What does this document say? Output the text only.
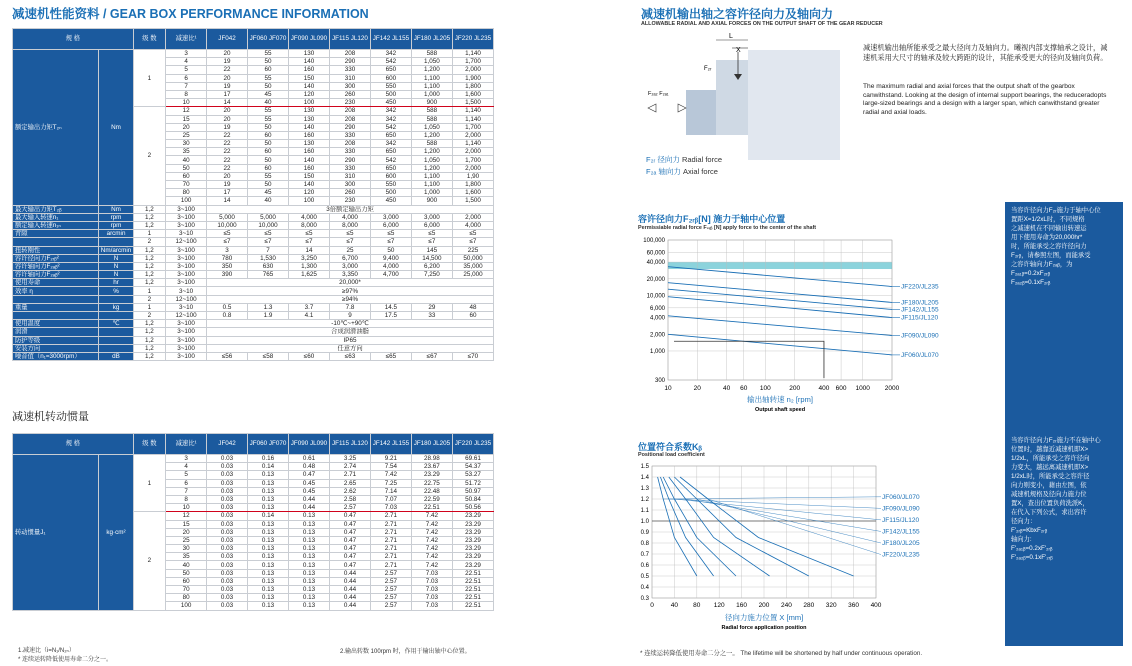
减速机性能资料 / GEAR BOX PERFORMANCE INFORMATION
规 格		级 数	减速比¹	JF042	JF060 JF070	JF090 JL090	JF115 JL120	JF142 JL155	JF180 JL205	JF220 JL235
额定输出力矩T₂ₙ	Nm	1	3	20	55	130	208	342	588	1,140
			4	19	50	140	290	542	1,050	1,700
			5	22	60	160	330	650	1,200	2,000
			6	20	55	150	310	600	1,100	1,900
			7	19	50	140	300	550	1,100	1,800
			8	17	45	120	260	500	1,000	1,600
			10	14	40	100	230	450	900	1,500
		2	12	20	55	130	208	342	588	1,140
			15	20	55	130	208	342	588	1,140
			20	19	50	140	290	542	1,050	1,700
			25	22	60	160	330	650	1,200	2,000
			30	22	50	130	208	342	588	1,140
			35	22	60	160	330	650	1,200	2,000
			40	22	50	140	290	542	1,050	1,700
			50	22	60	160	330	650	1,200	2,000
			60	20	55	150	310	600	1,100	1,90
			70	19	50	140	300	550	1,100	1,800
			80	17	45	120	260	500	1,000	1,600
			100	14	40	100	230	450	900	1,500
最大输出力矩T₂ᵦ	Nm	1,2	3~100	3倍额定输出力矩						
最大输入转速n₁	rpm	1,2	3~100	5,000	5,000	4,000	4,000	3,000	3,000	2,000
额定输入转速n₁ₙ	rpm	1,2	3~100	10,000	10,000	8,000	8,000	6,000	6,000	4,000
背隙	arcmin	1	3~10	≤5	≤5	≤5	≤5	≤5	≤5	≤5
		2	12~100	≤7	≤7	≤7	≤7	≤7	≤7	≤7
扭转刚性	Nm/arcmin	1,2	3~100	3	7	14	25	50	145	225
容许径向力F₂ᵣᵦ²	N	1,2	3~100	780	1,530	3,250	6,700	9,400	14,500	50,000
容许轴向力F₂ₐᵦ²	N	1,2	3~100	350	630	1,300	3,000	4,000	6,200	35,000
容许轴向力F₂ₐᵦ²	N	1,2	3~100	390	765	1,625	3,350	4,700	7,250	25,000
使用寿命	hr	1,2	3~100	20,000*						
效率 η	%	1	3~10	≥97%						
		2	12~100	≥94%						
重量	kg	1	3~10	0.5	1.3	3.7	7.8	14.5	29	48
		2	12~100	0.8	1.9	4.1	9	17.5	33	60
使用温度	℃	1,2	3~100	-10℃~+90℃						
润滑		1,2	3~100	合成润滑油脂						
防护等级		1,2	3~100	IP65						
安装方向		1,2	3~100	任意方向						
噪音值（n₁=3000rpm）	dB	1,2	3~100	≤56	≤58	≤60	≤63	≤65	≤67	≤70
减速机转动惯量
规 格		级 数	减速比¹	JF042	JF060 JF070	JF090 JL090	JF115 JL120	JF142 JL155	JF180 JL205	JF220 JL235
转动惯量J₁	kg·cm²	1	3	0.03	0.16	0.61	3.25	9.21	28.98	69.61
			4	0.03	0.14	0.48	2.74	7.54	23.67	54.37
			5	0.03	0.13	0.47	2.71	7.42	23.29	53.27
			6	0.03	0.13	0.45	2.65	7.25	22.75	51.72
			7	0.03	0.13	0.45	2.62	7.14	22.48	50.97
			8	0.03	0.13	0.44	2.58	7.07	22.59	50.84
			10	0.03	0.13	0.44	2.57	7.03	22.51	50.56
		2	12	0.03	0.14	0.13	0.47	2.71	7.42	23.29
			15	0.03	0.13	0.13	0.47	2.71	7.42	23.29
			20	0.03	0.13	0.13	0.47	2.71	7.42	23.29
			25	0.03	0.13	0.13	0.47	2.71	7.42	23.29
			30	0.03	0.13	0.13	0.47	2.71	7.42	23.29
			35	0.03	0.13	0.13	0.47	2.71	7.42	23.29
			40	0.03	0.13	0.13	0.47	2.71	7.42	23.29
			50	0.03	0.13	0.13	0.44	2.57	7.03	22.51
			60	0.03	0.13	0.13	0.44	2.57	7.03	22.51
			70	0.03	0.13	0.13	0.44	2.57	7.03	22.51
			80	0.03	0.13	0.13	0.44	2.57	7.03	22.51
			100	0.03	0.13	0.13	0.44	2.57	7.03	22.51
1.减速比（i=N₁/N₂ₙ）
* 连续运转降低使用寿命二分之一。
2.输出转数 100rpm 时，作用于输出轴中心位置。
减速机输出轴之容许径向力及轴向力
ALLOWABLE RADIAL AND AXIAL FORCES ON THE OUTPUT SHAFT OF THE GEAR REDUCER
L
X
F₂ᵣ
F₂ₐ₂ F₂ₐ₁
F₂ᵣ 径向力 Radial force
F₂ₐ 轴向力 Axial force
减速机输出轴所能承受之最大径向力及轴向力。曦视内部支撑轴承之设计，减速机采用大尺寸的轴承及较大跨距的设计，其能承受更大的径向及轴向负荷。
The maximum radial and axial forces that the output shaft of the gearbox canwithstand. Looking at the design of internal support bearings, the reduceradopts large-sized bearings and a design with a larger span, which canwithstand greater radial and axial loads.
容许径向力F₂ᵣᵦ[N] 施力于轴中心位置
Permissiable radial force F₂ᵣᵦ [N] apply force to the center of the shaft
10	20	40 60 100	200	400 600 1000 2000
100,000
60,000
40,000
20,000
10,000
6,000
4,000
2,000
1,000
300
JF220/JL235
JF180/JL205
JF142/JL155
JF115/JL120
JF090/JL090
JF060/JL070
输出轴转速 n₂ [rpm]
Output shaft speed
当容许径向力F₂ᵣ施力于轴中心位
置距X=1/2xL时，不同规格
之减速机在不同输出转速运
用下使用寿命为20,000hr*
时，所能承受之容许径向力
F₂ᵣᵦ，请参照左图，而能承受
之容许轴向力F₂ₐᵦ，为
F₂ₐ₁ᵦ=0.2xF₂ᵣᵦ
F₂ₐ₂ᵦ=0.1xF₂ᵣᵦ
位置符合系数Kᵦ
Positional load coefficient
0	40 80 120 160 200 240 280 320 360 400
1.5
1.4
1.3
1.2
1.1
1.0
0.9
0.8
0.7
0.6
0.5
0.4
0.3
JF060/JL070
JF090/JL090
JF115/JL120
JF142/JL155
JF180/JL205
JF220/JL235
径向力施力位置 X [mm]
Radial force application position
当容许径向力F₂ᵣ施力不在轴中心
位置时，越靠近减速机即X>
1/2xL，所能承受之容许径向
力变大，越远离减速机即X>
1/2xL时，所能承受之容许径
向力则变小，藉由左图，依
减速机规格及径向力施力位
置X，查出位置负荷洗派K，
在代入下列公式，求出容许
径向力：
F'₂ᵣᵦ=KbxF₂ᵣᵦ
轴向力:
F'₂ₐ₁ᵦ=0.2xF'₂ᵣᵦ
F'₂ₐ₂ᵦ=0.1xF'₂ᵣᵦ
* 连续运转降低使用寿命二分之一。 The lifetime will be shortened by half under continuous operation.
